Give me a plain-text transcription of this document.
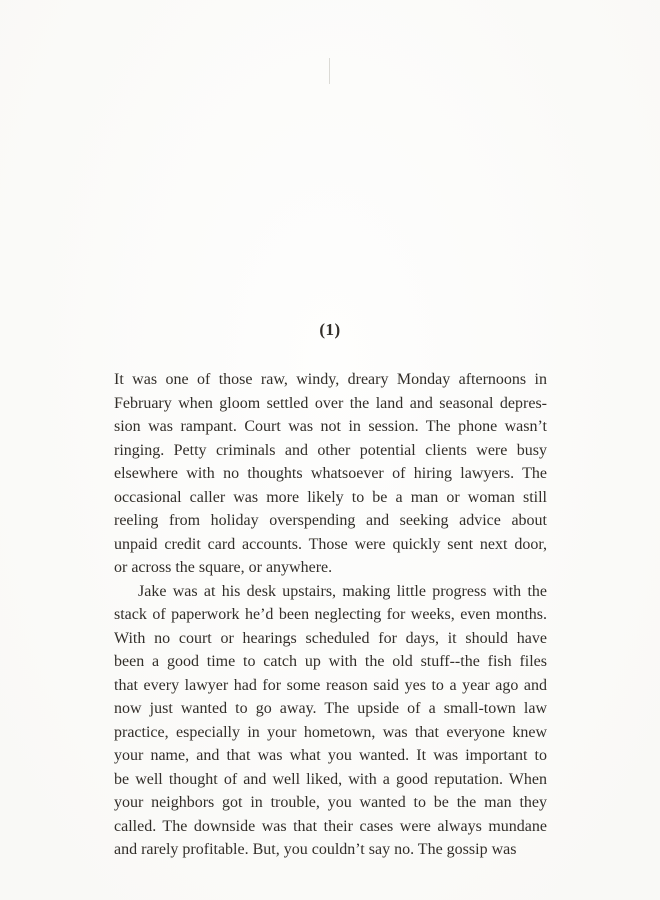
(1)
It was one of those raw, windy, dreary Monday afternoons in
February when gloom settled over the land and seasonal depres-
sion was rampant. Court was not in session. The phone wasn’t
ringing. Petty criminals and other potential clients were busy
elsewhere with no thoughts whatsoever of hiring lawyers. The
occasional caller was more likely to be a man or woman still
reeling from holiday overspending and seeking advice about
unpaid credit card accounts. Those were quickly sent next door,
or across the square, or anywhere.
Jake was at his desk upstairs, making little progress with the
stack of paperwork he’d been neglecting for weeks, even months.
With no court or hearings scheduled for days, it should have
been a good time to catch up with the old stuff--the fish files
that every lawyer had for some reason said yes to a year ago and
now just wanted to go away. The upside of a small-town law
practice, especially in your hometown, was that everyone knew
your name, and that was what you wanted. It was important to
be well thought of and well liked, with a good reputation. When
your neighbors got in trouble, you wanted to be the man they
called. The downside was that their cases were always mundane
and rarely profitable. But, you couldn’t say no. The gossip was
